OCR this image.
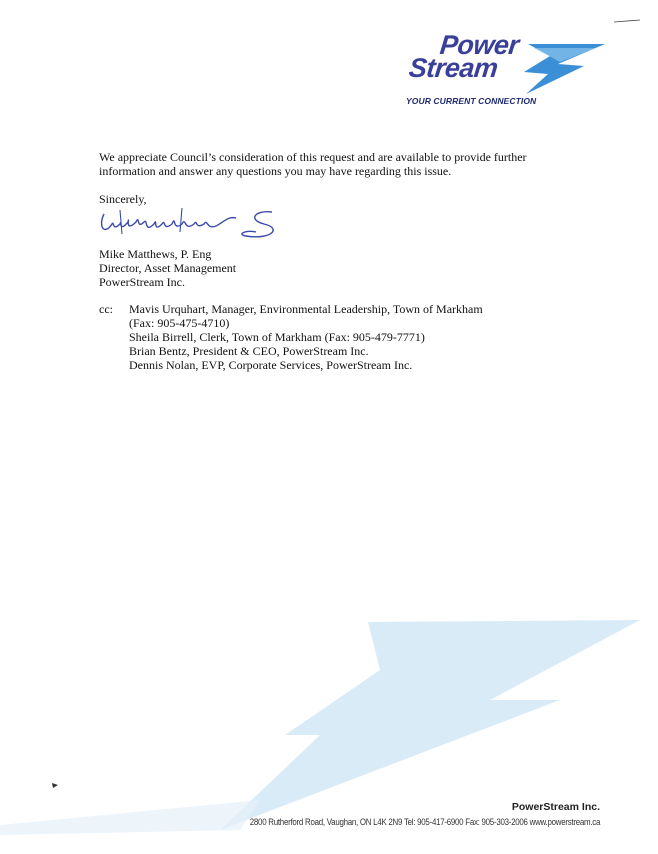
Power
Stream
YOUR CURRENT CONNECTION
We appreciate Council’s consideration of this request and are available to provide further information and answer any questions you may have regarding this issue.
Sincerely,
Mike Matthews, P. Eng
Director, Asset Management
PowerStream Inc.
cc:	Mavis Urquhart, Manager, Environmental Leadership, Town of Markham
(Fax: 905-475-4710)
Sheila Birrell, Clerk, Town of Markham (Fax: 905-479-7771)
Brian Bentz, President & CEO, PowerStream Inc.
Dennis Nolan, EVP, Corporate Services, PowerStream Inc.
PowerStream Inc.
2800 Rutherford Road, Vaughan, ON L4K 2N9 Tel: 905-417-6900 Fax: 905-303-2006 www.powerstream.ca
